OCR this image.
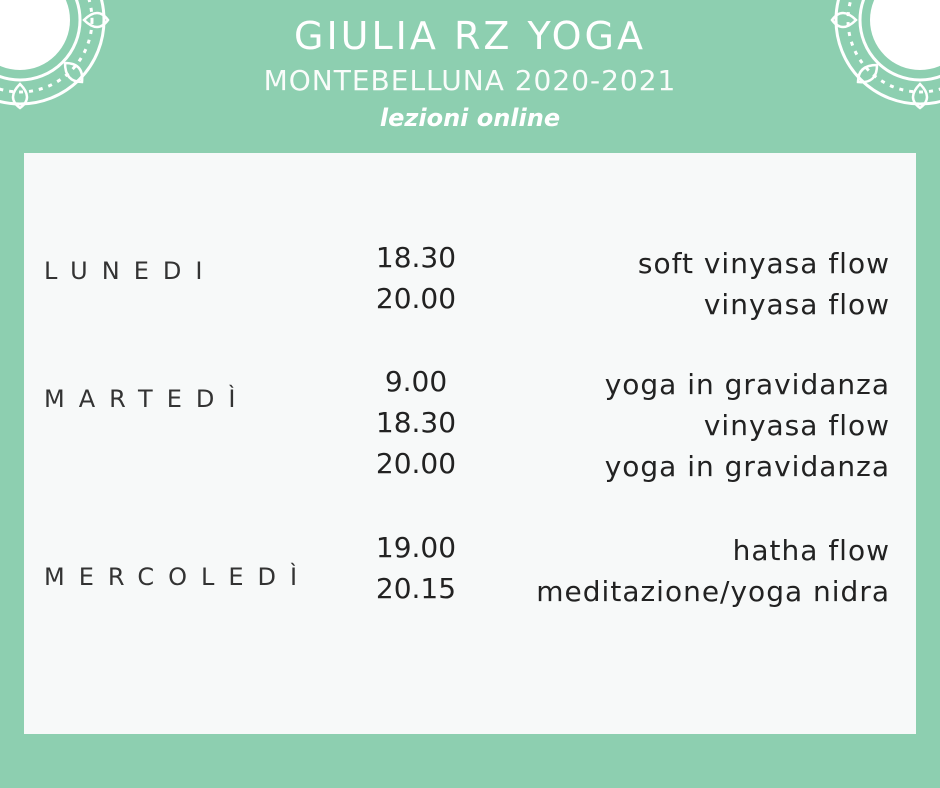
GIULIA RZ YOGA
MONTEBELLUNA 2020-2021
lezioni online
LUNEDI	18.30
20.00
soft vinyasa flow
vinyasa flow
MARTEDÌ
9.00
18.30
20.00
yoga in gravidanza
vinyasa flow
yoga in gravidanza
MERCOLEDÌ
19.00
20.15
hatha flow
meditazione/yoga nidra
